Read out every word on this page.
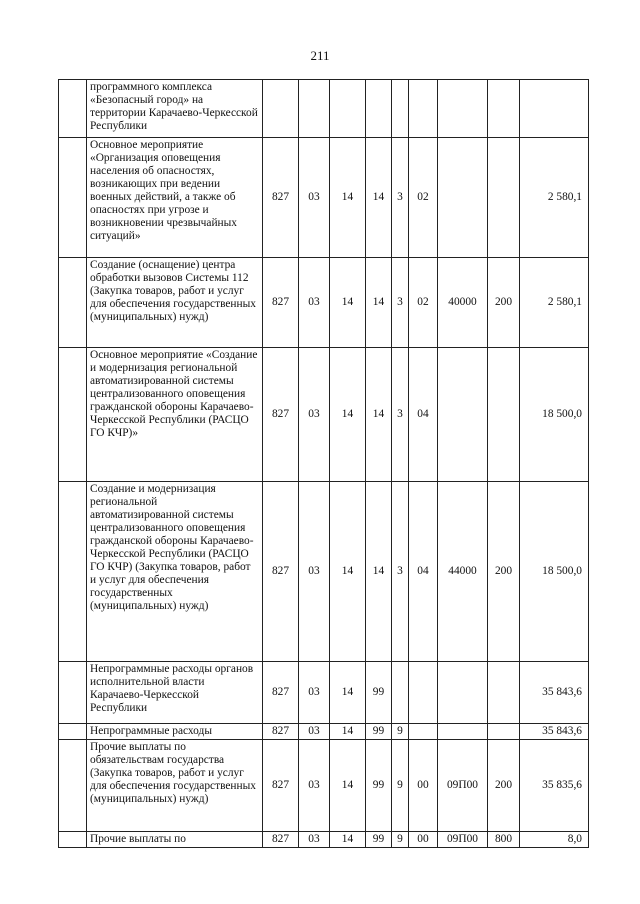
211
	программного комплекса «Безопасный город» на территории Карачаево-Черкесской Республики									
	Основное мероприятие «Организация оповещения населения об опасностях, возникающих при ведении военных действий, а также об опасностях при угрозе и возникновении чрезвычайных ситуаций»	827	03	14	14	3	02			2 580,1
	Создание (оснащение) центра обработки вызовов Системы 112 (Закупка товаров, работ и услуг для обеспечения государственных (муниципальных) нужд)	827	03	14	14	3	02	40000	200	2 580,1
	Основное мероприятие «Создание и модернизация региональной автоматизированной системы централизованного оповещения гражданской обороны Карачаево-Черкесской Республики (РАСЦО ГО КЧР)»	827	03	14	14	3	04			18 500,0
	Создание и модернизация региональной автоматизированной системы централизованного оповещения гражданской обороны Карачаево-Черкесской Республики (РАСЦО ГО КЧР) (Закупка товаров, работ и услуг для обеспечения государственных (муниципальных) нужд)	827	03	14	14	3	04	44000	200	18 500,0
	Непрограммные расходы органов исполнительной власти Карачаево-Черкесской Республики	827	03	14	99					35 843,6
	Непрограммные расходы	827	03	14	99	9				35 843,6
	Прочие выплаты по обязательствам государства (Закупка товаров, работ и услуг для обеспечения государственных (муниципальных) нужд)	827	03	14	99	9	00	09П00	200	35 835,6
	Прочие выплаты по	827	03	14	99	9	00	09П00	800	8,0
